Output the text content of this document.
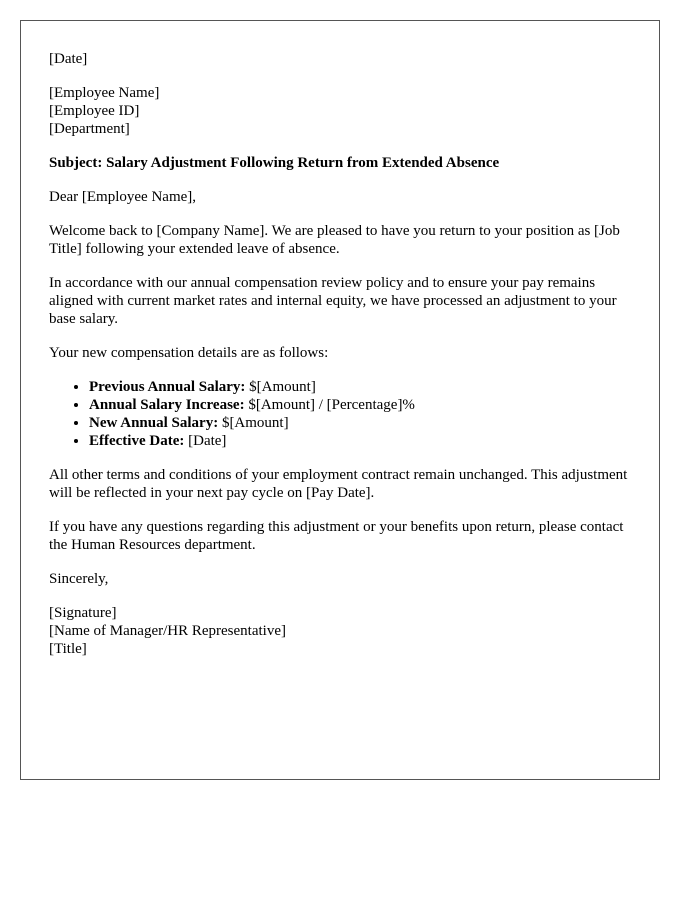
[Date]
[Employee Name]
[Employee ID]
[Department]

Subject: Salary Adjustment Following Return from Extended Absence

Dear [Employee Name],

Welcome back to [Company Name]. We are pleased to have you return to your position as [Job Title] following your extended leave of absence.

In accordance with our annual compensation review policy and to ensure your pay remains aligned with current market rates and internal equity, we have processed an adjustment to your base salary.

Your new compensation details are as follows:

• Previous Annual Salary: $[Amount]
• Annual Salary Increase: $[Amount] / [Percentage]%
• New Annual Salary: $[Amount]
• Effective Date: [Date]

All other terms and conditions of your employment contract remain unchanged. This adjustment will be reflected in your next pay cycle on [Pay Date].

If you have any questions regarding this adjustment or your benefits upon return, please contact the Human Resources department.

Sincerely,

[Signature]
[Name of Manager/HR Representative]
[Title]
